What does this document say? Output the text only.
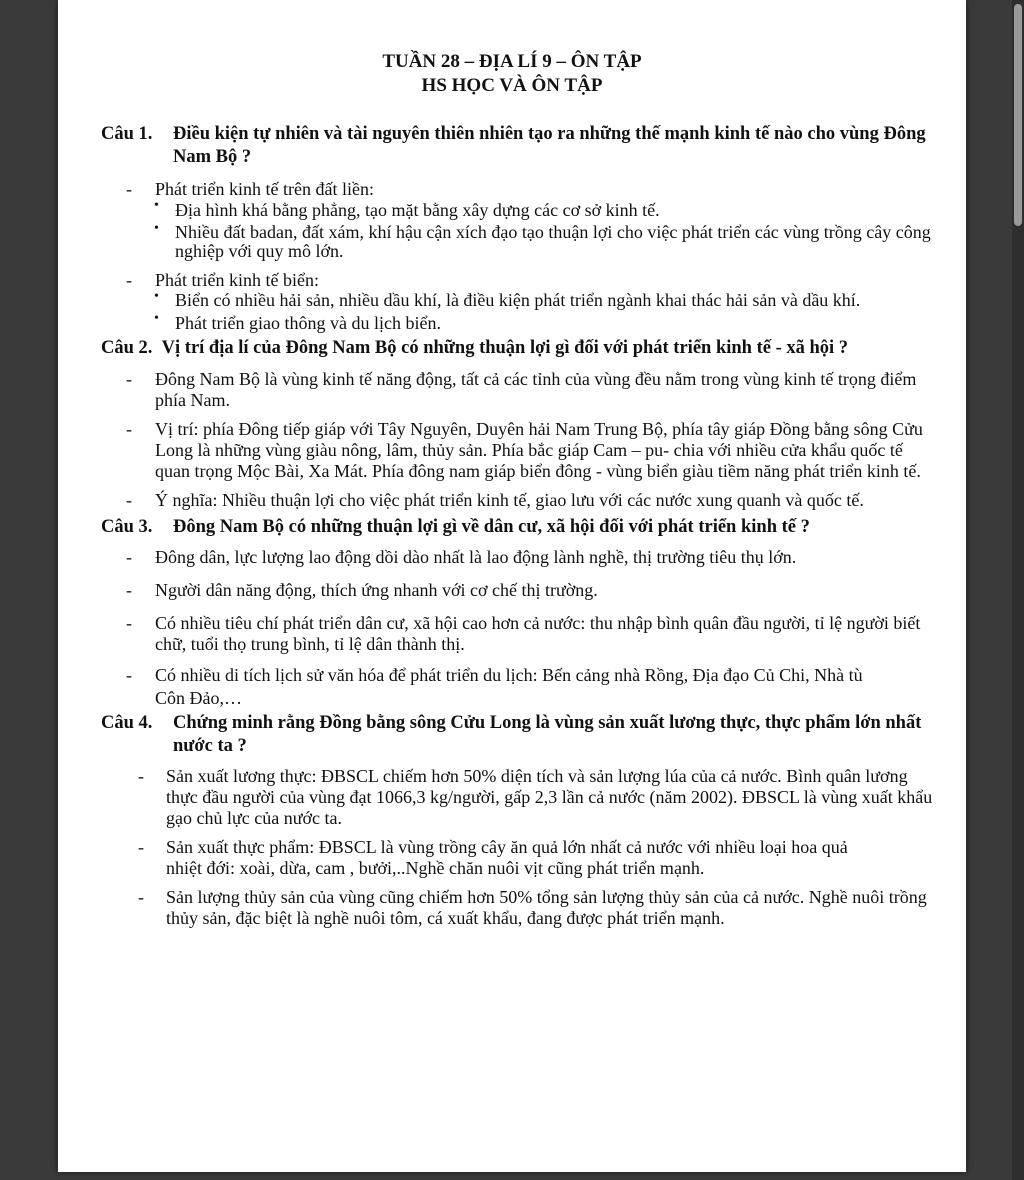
TUẦN 28 – ĐỊA LÍ 9 – ÔN TẬP

HS HỌC VÀ ÔN TẬP

Câu 1. Điều kiện tự nhiên và tài nguyên thiên nhiên tạo ra những thế mạnh kinh tế nào cho vùng Đông Nam Bộ ?

- Phát triển kinh tế trên đất liền:

• Địa hình khá bằng phẳng, tạo mặt bằng xây dựng các cơ sở kinh tế.

• Nhiều đất badan, đất xám, khí hậu cận xích đạo tạo thuận lợi cho việc phát triển các vùng trồng cây công nghiệp với quy mô lớn.

- Phát triển kinh tế biển:

• Biển có nhiều hải sản, nhiều dầu khí, là điều kiện phát triển ngành khai thác hải sản và dầu khí.

• Phát triển giao thông và du lịch biển.

Câu 2. Vị trí địa lí của Đông Nam Bộ có những thuận lợi gì đối với phát triển kinh tế - xã hội ?

- Đông Nam Bộ là vùng kinh tế năng động, tất cả các tỉnh của vùng đều nằm trong vùng kinh tế trọng điểm phía Nam.

- Vị trí: phía Đông tiếp giáp với Tây Nguyên, Duyên hải Nam Trung Bộ, phía tây giáp Đồng bằng sông Cửu Long là những vùng giàu nông, lâm, thủy sản. Phía bắc giáp Cam – pu- chia với nhiều cửa khẩu quốc tế quan trọng Mộc Bài, Xa Mát. Phía đông nam giáp biển đông - vùng biển giàu tiềm năng phát triển kinh tế.

- Ý nghĩa: Nhiều thuận lợi cho việc phát triển kinh tế, giao lưu với các nước xung quanh và quốc tế.

Câu 3. Đông Nam Bộ có những thuận lợi gì về dân cư, xã hội đối với phát triển kinh tế ?

- Đông dân, lực lượng lao động dồi dào nhất là lao động lành nghề, thị trường tiêu thụ lớn.

- Người dân năng động, thích ứng nhanh với cơ chế thị trường.

- Có nhiều tiêu chí phát triển dân cư, xã hội cao hơn cả nước: thu nhập bình quân đầu người, tỉ lệ người biết chữ, tuổi thọ trung bình, tỉ lệ dân thành thị.

- Có nhiều di tích lịch sử văn hóa để phát triển du lịch: Bến cảng nhà Rồng, Địa đạo Củ Chi, Nhà tù

Côn Đảo,…

Câu 4. Chứng minh rằng Đồng bằng sông Cửu Long là vùng sản xuất lương thực, thực phẩm lớn nhất nước ta ?

- Sản xuất lương thực: ĐBSCL chiếm hơn 50% diện tích và sản lượng lúa của cả nước. Bình quân lương thực đầu người của vùng đạt 1066,3 kg/người, gấp 2,3 lần cả nước (năm 2002). ĐBSCL là vùng xuất khẩu gạo chủ lực của nước ta.

- Sản xuất thực phẩm: ĐBSCL là vùng trồng cây ăn quả lớn nhất cả nước với nhiều loại hoa quả
nhiệt đới: xoài, dừa, cam , bưởi,..Nghề chăn nuôi vịt cũng phát triển mạnh.

- Sản lượng thủy sản của vùng cũng chiếm hơn 50% tổng sản lượng thủy sản của cả nước. Nghề nuôi trồng thủy sản, đặc biệt là nghề nuôi tôm, cá xuất khẩu, đang được phát triển mạnh.
